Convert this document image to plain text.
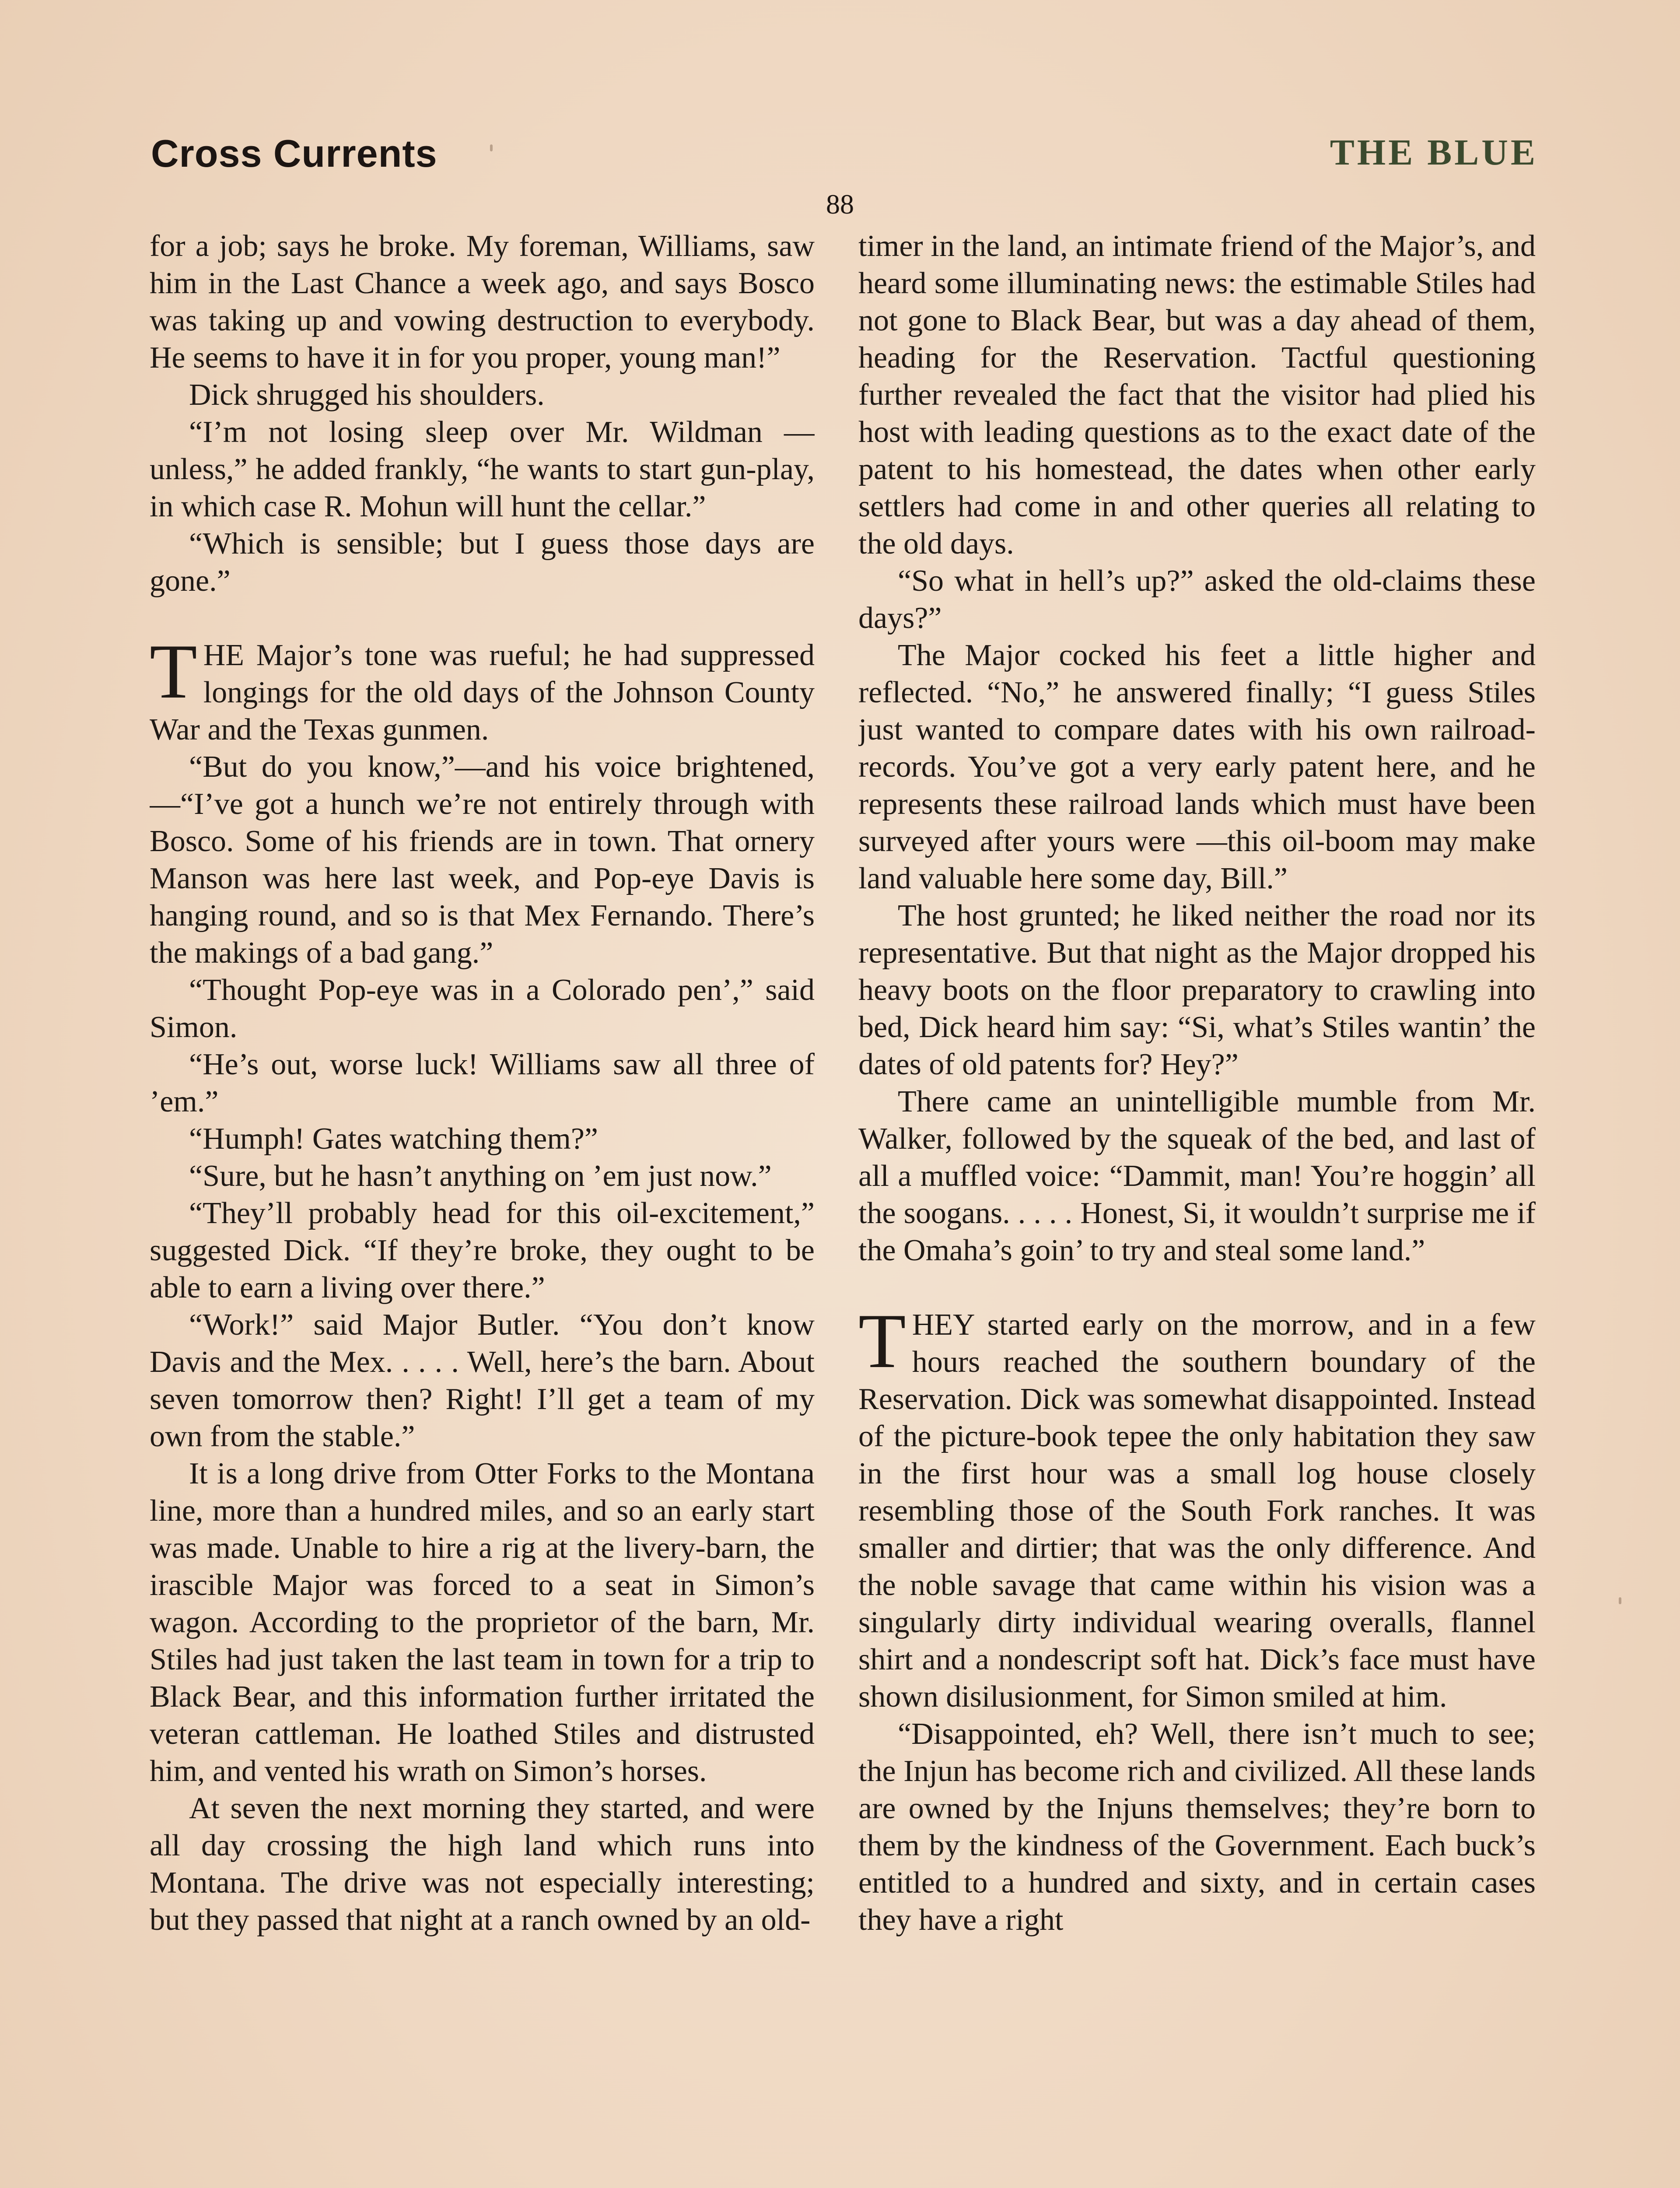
Cross Currents	THE BLUE
88

for a job; says he broke. My foreman, Williams, saw him in the Last Chance a week ago, and says Bosco was taking up and vowing destruction to everybody. He seems to have it in for you proper, young man!”

Dick shrugged his shoulders.

“I’m not losing sleep over Mr. Wildman —unless,” he added frankly, “he wants to start gun-play, in which case R. Mohun will hunt the cellar.”

“Which is sensible; but I guess those days are gone.”

THE Major’s tone was rueful; he had suppressed longings for the old days of the Johnson County War and the Texas gunmen.

“But do you know,”—and his voice brightened,—“I’ve got a hunch we’re not entirely through with Bosco. Some of his friends are in town. That ornery Manson was here last week, and Pop-eye Davis is hanging round, and so is that Mex Fernando. There’s the makings of a bad gang.”

“Thought Pop-eye was in a Colorado pen’,” said Simon.

“He’s out, worse luck! Williams saw all three of ’em.”

“Humph! Gates watching them?”

“Sure, but he hasn’t anything on ’em just now.”

“They’ll probably head for this oil-excitement,” suggested Dick. “If they’re broke, they ought to be able to earn a living over there.”

“Work!” said Major Butler. “You don’t know Davis and the Mex. . . . . Well, here’s the barn. About seven tomorrow then? Right! I’ll get a team of my own from the stable.”

It is a long drive from Otter Forks to the Montana line, more than a hundred miles, and so an early start was made. Unable to hire a rig at the livery-barn, the irascible Major was forced to a seat in Simon’s wagon. According to the proprietor of the barn, Mr. Stiles had just taken the last team in town for a trip to Black Bear, and this information further irritated the veteran cattleman. He loathed Stiles and distrusted him, and vented his wrath on Simon’s horses.

At seven the next morning they started, and were all day crossing the high land which runs into Montana. The drive was not especially interesting; but they passed that night at a ranch owned by an old-

timer in the land, an intimate friend of the Major’s, and heard some illuminating news: the estimable Stiles had not gone to Black Bear, but was a day ahead of them, heading for the Reservation. Tactful questioning further revealed the fact that the visitor had plied his host with leading questions as to the exact date of the patent to his homestead, the dates when other early settlers had come in and other queries all relating to the old days.

“So what in hell’s up?” asked the old-claims these days?”

The Major cocked his feet a little higher and reflected. “No,” he answered finally; “I guess Stiles just wanted to compare dates with his own railroad-records. You’ve got a very early patent here, and he represents these railroad lands which must have been surveyed after yours were —this oil-boom may make land valuable here some day, Bill.”

The host grunted; he liked neither the road nor its representative. But that night as the Major dropped his heavy boots on the floor preparatory to crawling into bed, Dick heard him say: “Si, what’s Stiles wantin’ the dates of old patents for? Hey?”

There came an unintelligible mumble from Mr. Walker, followed by the squeak of the bed, and last of all a muffled voice: “Dammit, man! You’re hoggin’ all the soogans. . . . . Honest, Si, it wouldn’t surprise me if the Omaha’s goin’ to try and steal some land.”

THEY started early on the morrow, and in a few hours reached the southern boundary of the Reservation. Dick was somewhat disappointed. Instead of the picture-book tepee the only habitation they saw in the first hour was a small log house closely resembling those of the South Fork ranches. It was smaller and dirtier; that was the only difference. And the noble savage that came within his vision was a singularly dirty individual wearing overalls, flannel shirt and a nondescript soft hat. Dick’s face must have shown disilusionment, for Simon smiled at him.

“Disappointed, eh? Well, there isn’t much to see; the Injun has become rich and civilized. All these lands are owned by the Injuns themselves; they’re born to them by the kindness of the Government. Each buck’s entitled to a hundred and sixty, and in certain cases they have a right
